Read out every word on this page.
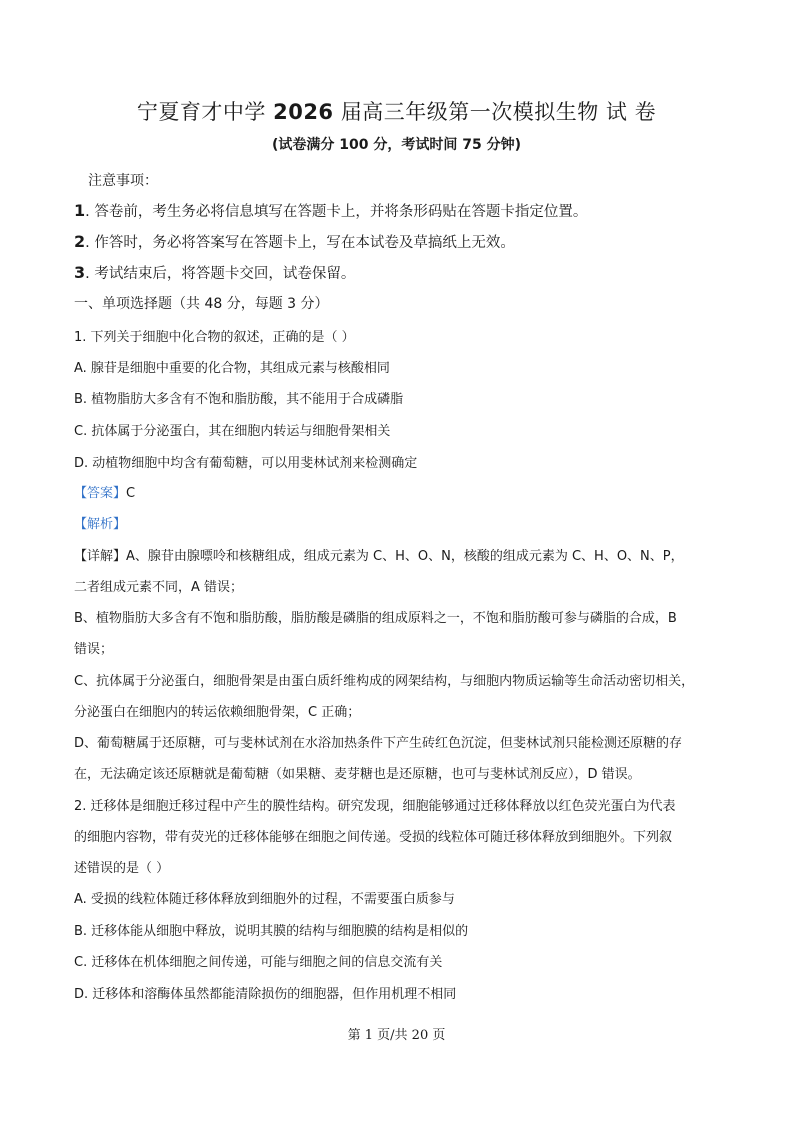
宁夏育才中学 2026 届高三年级第一次模拟生物 试 卷
(试卷满分 100 分，考试时间 75 分钟)
注意事项：
1. 答卷前，考生务必将信息填写在答题卡上，并将条形码贴在答题卡指定位置。
2. 作答时，务必将答案写在答题卡上，写在本试卷及草搞纸上无效。
3. 考试结束后，将答题卡交回，试卷保留。
一、单项选择题（共 48 分，每题 3 分）
1. 下列关于细胞中化合物的叙述，正确的是（ ）
A. 腺苷是细胞中重要的化合物，其组成元素与核酸相同
B. 植物脂肪大多含有不饱和脂肪酸，其不能用于合成磷脂
C. 抗体属于分泌蛋白，其在细胞内转运与细胞骨架相关
D. 动植物细胞中均含有葡萄糖，可以用斐林试剂来检测确定
【答案】C
【解析】
【详解】A、腺苷由腺嘌呤和核糖组成，组成元素为 C、H、O、N，核酸的组成元素为 C、H、O、N、P，
二者组成元素不同，A 错误；
B、植物脂肪大多含有不饱和脂肪酸，脂肪酸是磷脂的组成原料之一，不饱和脂肪酸可参与磷脂的合成，B
错误；
C、抗体属于分泌蛋白，细胞骨架是由蛋白质纤维构成的网架结构，与细胞内物质运输等生命活动密切相关，
分泌蛋白在细胞内的转运依赖细胞骨架，C 正确；
D、葡萄糖属于还原糖，可与斐林试剂在水浴加热条件下产生砖红色沉淀，但斐林试剂只能检测还原糖的存
在，无法确定该还原糖就是葡萄糖（如果糖、麦芽糖也是还原糖，也可与斐林试剂反应），D 错误。
2. 迁移体是细胞迁移过程中产生的膜性结构。研究发现，细胞能够通过迁移体释放以红色荧光蛋白为代表
的细胞内容物，带有荧光的迁移体能够在细胞之间传递。受损的线粒体可随迁移体释放到细胞外。下列叙
述错误的是（ ）
A. 受损的线粒体随迁移体释放到细胞外的过程，不需要蛋白质参与
B. 迁移体能从细胞中释放，说明其膜的结构与细胞膜的结构是相似的
C. 迁移体在机体细胞之间传递，可能与细胞之间的信息交流有关
D. 迁移体和溶酶体虽然都能清除损伤的细胞器，但作用机理不相同
第 1 页/共 20 页
